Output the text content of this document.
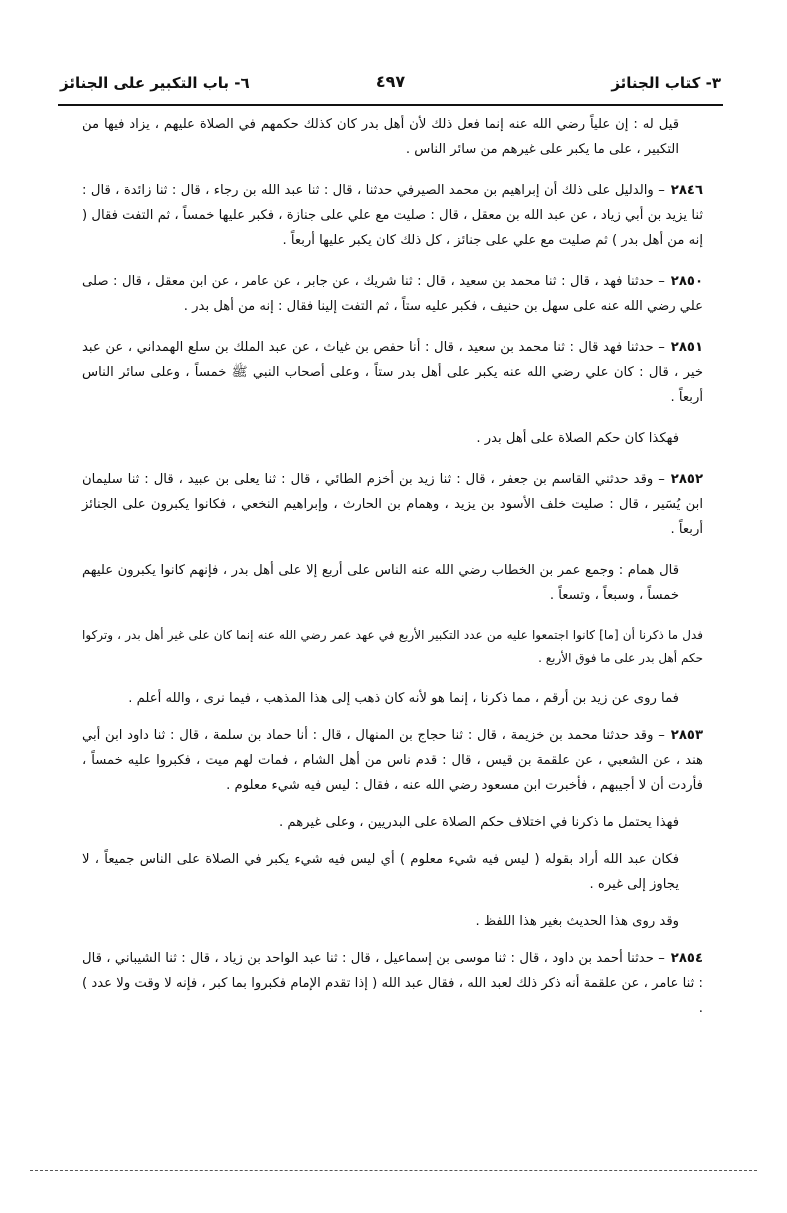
٣- كتاب الجنائز
٤٩٧
٦- باب التكبير على الجنائز

قيل له : إن علياً رضي الله عنه إنما فعل ذلك لأن أهل بدر كان كذلك حكمهم في الصلاة عليهم ، يزاد فيها من التكبير ، على ما يكبر على غيرهم من سائر الناس .

٢٨٤٦– والدليل على ذلك أن إبراهيم بن محمد الصيرفي حدثنا ، قال : ثنا عبد الله بن رجاء ، قال : ثنا زائدة ، قال : ثنا يزيد بن أبي زياد ، عن عبد الله بن معقل ، قال : صليت مع علي على جنازة ، فكبر عليها خمساً ، ثم التفت فقال ( إنه من أهل بدر ) ثم صليت مع علي على جنائز ، كل ذلك كان يكبر عليها أربعاً .

٢٨٥٠– حدثنا فهد ، قال : ثنا محمد بن سعيد ، قال : ثنا شريك ، عن جابر ، عن عامر ، عن ابن معقل ، قال : صلى علي رضي الله عنه على سهل بن حنيف ، فكبر عليه ستاً ، ثم التفت إلينا فقال : إنه من أهل بدر .

٢٨٥١– حدثنا فهد قال : ثنا محمد بن سعيد ، قال : أنا حفص بن غياث ، عن عبد الملك بن سلع الهمداني ، عن عبد خير ، قال : كان علي رضي الله عنه يكبر على أهل بدر ستاً ، وعلى أصحاب النبي ﷺ خمساً ، وعلى سائر الناس أربعاً .

فهكذا كان حكم الصلاة على أهل بدر .

٢٨٥٢– وقد حدثني القاسم بن جعفر ، قال : ثنا زيد بن أخزم الطائي ، قال : ثنا يعلى بن عبيد ، قال : ثنا سليمان ابن يُسَير ، قال : صليت خلف الأسود بن يزيد ، وهمام بن الحارث ، وإبراهيم النخعي ، فكانوا يكبرون على الجنائز أربعاً .

قال همام : وجمع عمر بن الخطاب رضي الله عنه الناس على أربع إلا على أهل بدر ، فإنهم كانوا يكبرون عليهم خمساً ، وسبعاً ، وتسعاً .

فدل ما ذكرنا أن [ما] كانوا اجتمعوا عليه من عدد التكبير الأربع في عهد عمر رضي الله عنه إنما كان على غير أهل بدر ، وتركوا حكم أهل بدر على ما فوق الأربع .

فما روى عن زيد بن أرقم ، مما ذكرنا ، إنما هو لأنه كان ذهب إلى هذا المذهب ، فيما نرى ، والله أعلم .

٢٨٥٣– وقد حدثنا محمد بن خزيمة ، قال : ثنا حجاج بن المنهال ، قال : أنا حماد بن سلمة ، قال : ثنا داود ابن أبي هند ، عن الشعبي ، عن علقمة بن قيس ، قال : قدم ناس من أهل الشام ، فمات لهم ميت ، فكبروا عليه خمساً ، فأردت أن لا أجيبهم ، فأخبرت ابن مسعود رضي الله عنه ، فقال : ليس فيه شيء معلوم .

فهذا يحتمل ما ذكرنا في اختلاف حكم الصلاة على البدريين ، وعلى غيرهم .

فكان عبد الله أراد بقوله ( ليس فيه شيء معلوم ) أي ليس فيه شيء يكبر في الصلاة على الناس جميعاً ، لا يجاوز إلى غيره .

وقد روى هذا الحديث بغير هذا اللفظ .

٢٨٥٤– حدثنا أحمد بن داود ، قال : ثنا موسى بن إسماعيل ، قال : ثنا عبد الواحد بن زياد ، قال : ثنا الشيباني ، قال : ثنا عامر ، عن علقمة أنه ذكر ذلك لعبد الله ، فقال عبد الله ( إذا تقدم الإمام فكبروا بما كبر ، فإنه لا وقت ولا عدد ) .
